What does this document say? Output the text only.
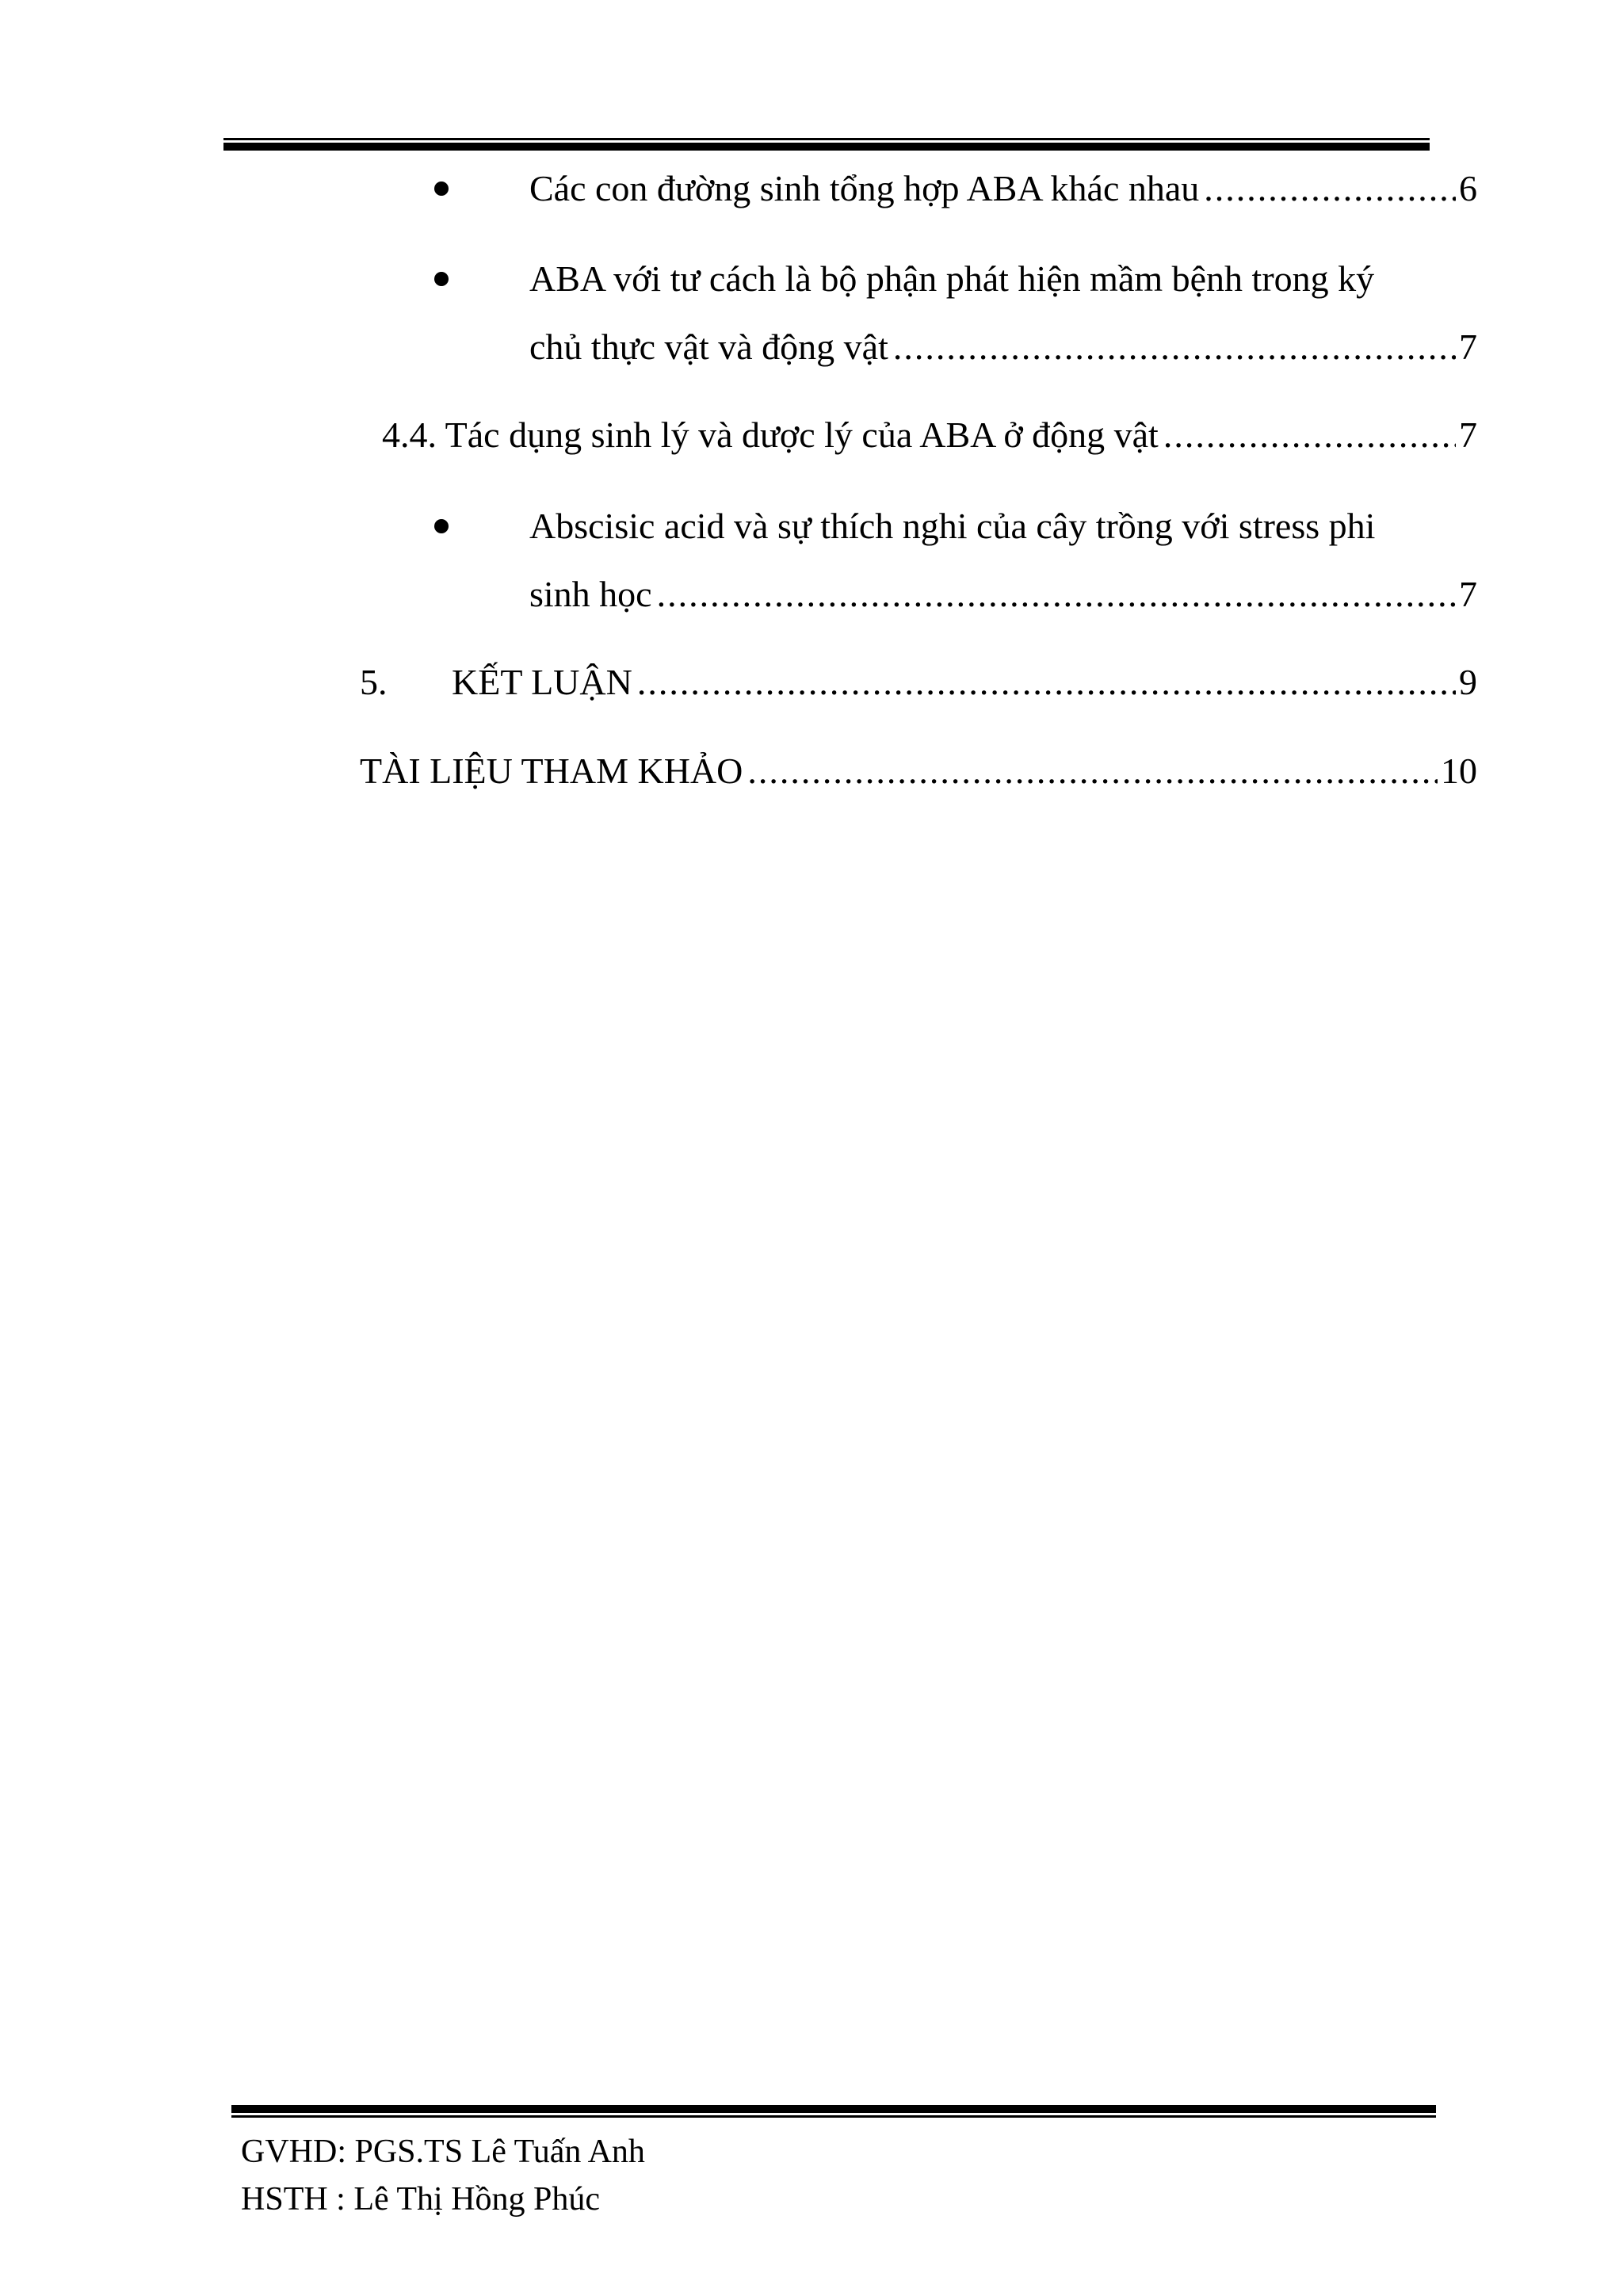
Các con đường sinh tổng hợp ABA khác nhau .....	6
ABA với tư cách là bộ phận phát hiện mầm bệnh trong ký
chủ thực vật và động vật .....	7
4.4. Tác dụng sinh lý và dược lý của ABA ở động vật .....	7
Abscisic acid và sự thích nghi của cây trồng với stress phi
sinh học .....	7
5. KẾT LUẬN .....	9
TÀI LIỆU THAM KHẢO .....	10
GVHD: PGS.TS Lê Tuấn Anh
HSTH : Lê Thị Hồng Phúc
